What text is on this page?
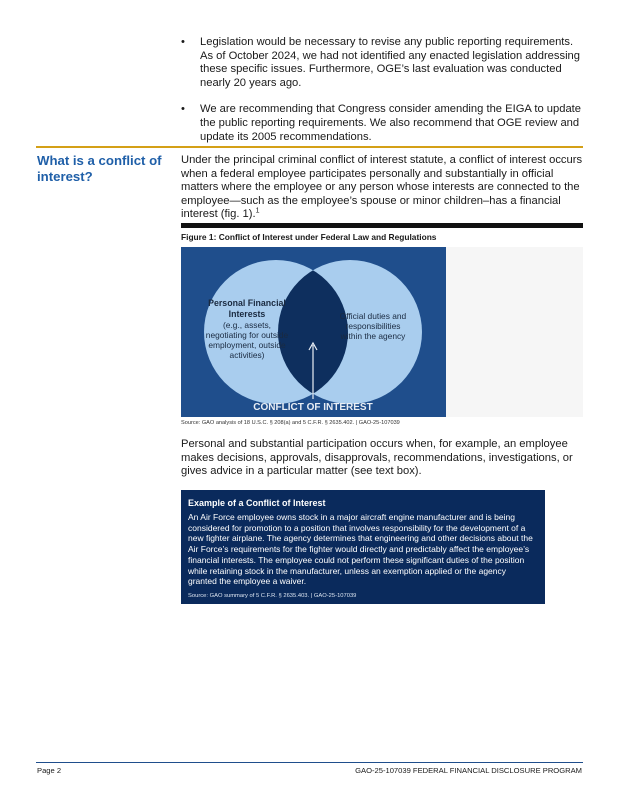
• Legislation would be necessary to revise any public reporting requirements. As of October 2024, we had not identified any enacted legislation addressing these specific issues. Furthermore, OGE’s last evaluation was conducted nearly 20 years ago.
• We are recommending that Congress consider amending the EIGA to update the public reporting requirements. We also recommend that OGE review and update its 2005 recommendations.
What is a conflict of interest?

Under the principal criminal conflict of interest statute, a conflict of interest occurs when a federal employee participates personally and substantially in official matters where the employee or any person whose interests are connected to the employee—such as the employee’s spouse or minor children–has a financial interest (fig. 1).$^1$

Figure 1: Conflict of Interest under Federal Law and Regulations
Personal Financial
Interests
(e.g., assets,
negotiating for outside
employment, outside
activities)
Official duties and
responsibilities
within the agency
CONFLICT OF INTEREST
Source: GAO analysis of 18 U.S.C. § 208(a) and 5 C.F.R. § 2635.402. | GAO-25-107039

Personal and substantial participation occurs when, for example, an employee makes decisions, approvals, disapprovals, recommendations, investigations, or gives advice in a particular matter (see text box).

Example of a Conflict of Interest

An Air Force employee owns stock in a major aircraft engine manufacturer and is being considered for promotion to a position that involves responsibility for the development of a new fighter airplane. The agency determines that engineering and other decisions about the Air Force’s requirements for the fighter would directly and predictably affect the employee’s financial interests. The employee could not perform these significant duties of the position while retaining stock in the manufacturer, unless an exemption applied or the agency granted the employee a waiver.

Source: GAO summary of 5 C.F.R. § 2635.403. | GAO-25-107039
Page 2	GAO-25-107039 FEDERAL FINANCIAL DISCLOSURE PROGRAM
